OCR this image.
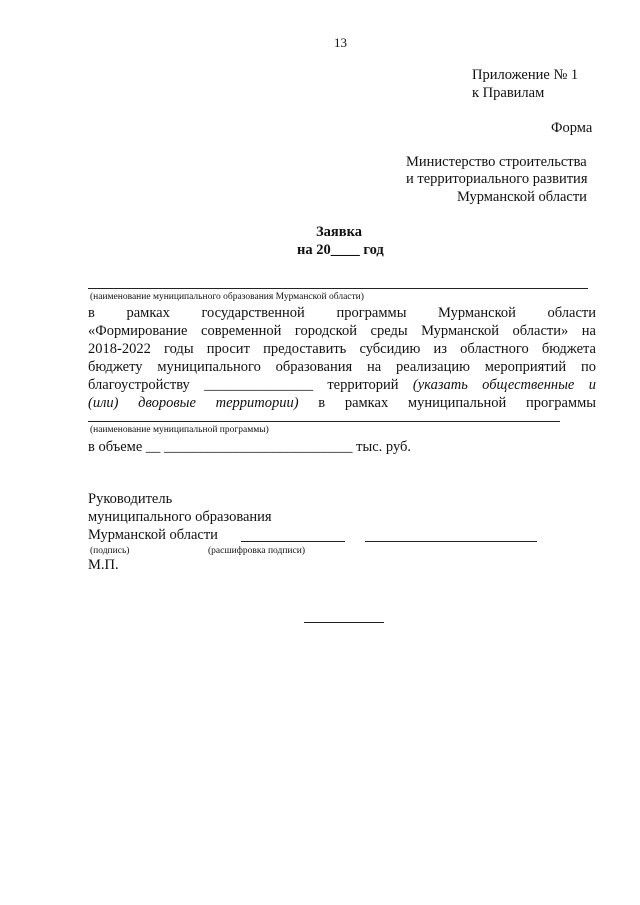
13
Приложение № 1
к Правилам
Форма
Министерство строительства
и территориального развития
Мурманской области
Заявка
на 20____ год
(наименование муниципального образования Мурманской области)
в рамках государственной программы Мурманской области
«Формирование современной городской среды Мурманской области» на
2018-2022 годы просит предоставить субсидию из областного бюджета
бюджету муниципального образования на реализацию мероприятий по
благоустройству _______________ территорий (указать общественные и
(или) дворовые территории) в рамках муниципальной программы
(наименование муниципальной программы)
в объеме __ __________________________ тыс. руб.
Руководитель
муниципального образования
Мурманской области
(подпись)	(расшифровка подписи)
М.П.
